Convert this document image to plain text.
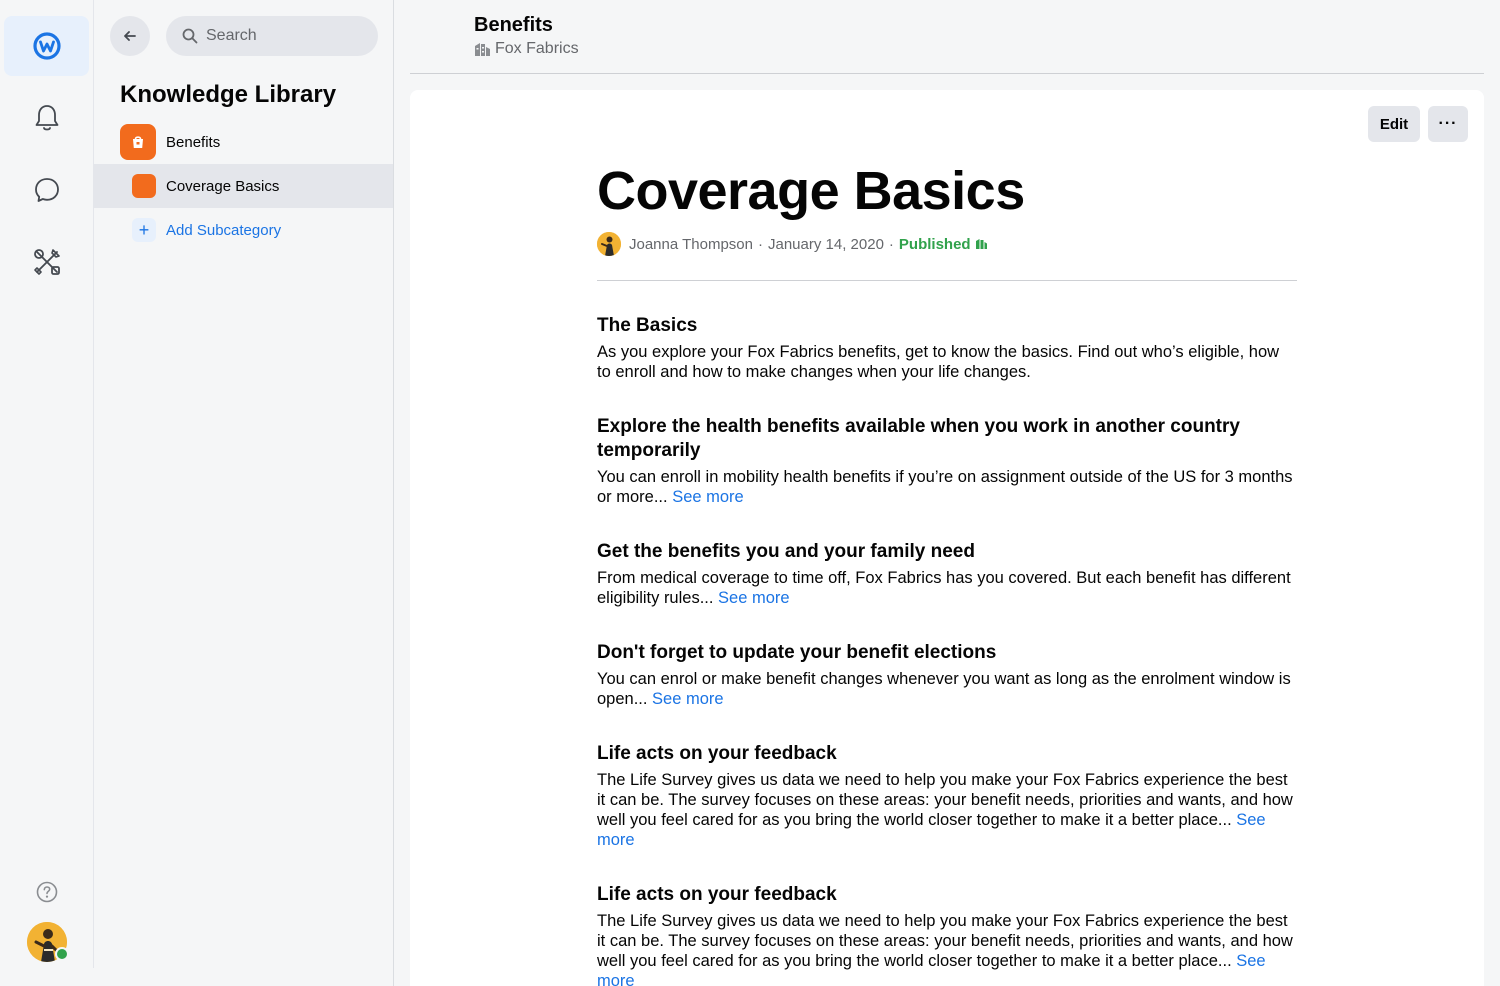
Search
Knowledge Library
Benefits
Coverage Basics
+	Add Subcategory
Benefits
Fox Fabrics
Edit	···
Coverage Basics
Joanna Thompson · January 14, 2020 · Published
The Basics

As you explore your Fox Fabrics benefits, get to know the basics. Find out who’s eligible, how to enroll and how to make changes when your life changes.

Explore the health benefits available when you work in another country temporarily

You can enroll in mobility health benefits if you’re on assignment outside of the US for 3 months or more... See more

Get the benefits you and your family need

From medical coverage to time off, Fox Fabrics has you covered. But each benefit has different eligibility rules... See more

Don't forget to update your benefit elections

You can enrol or make benefit changes whenever you want as long as the enrolment window is open... See more

Life acts on your feedback

The Life Survey gives us data we need to help you make your Fox Fabrics experience the best it can be. The survey focuses on these areas: your benefit needs, priorities and wants, and how well you feel cared for as you bring the world closer together to make it a better place... See more

Life acts on your feedback

The Life Survey gives us data we need to help you make your Fox Fabrics experience the best it can be. The survey focuses on these areas: your benefit needs, priorities and wants, and how well you feel cared for as you bring the world closer together to make it a better place... See more
